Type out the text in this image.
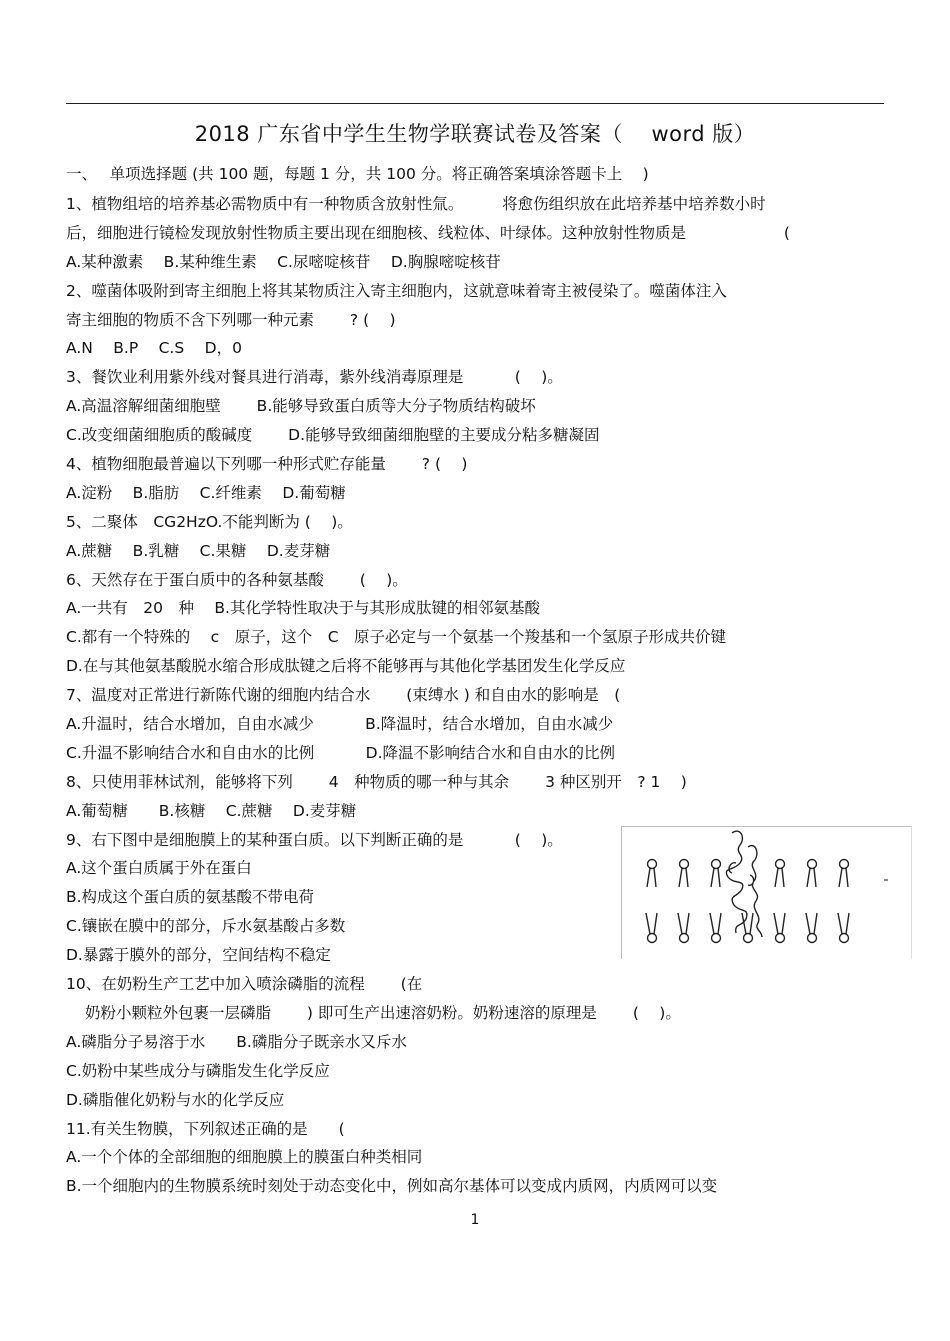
2018 广东省中学生生物学联赛试卷及答案（　 word 版）
一、　 单项选择题 (共 100 题，每题 1 分，共 100 分。将正确答案填涂答题卡上　 )
1、植物组培的培养基必需物质中有一种物质含放射性氚。　　　将愈伤组织放在此培养基中培养数小时
后，细胞进行镜检发现放射性物质主要出现在细胞核、线粒体、叶绿体。这种放射性物质是　　　　　　 (
A.某种激素　 B.某种维生素　 C.尿嘧啶核苷　 D.胸腺嘧啶核苷
2、噬菌体吸附到寄主细胞上将其某物质注入寄主细胞内，这就意味着寄主被侵染了。噬菌体注入
寄主细胞的物质不含下列哪一种元素　　 ? (　 )
A.N　 B.P　 C.S　 D，0
3、餐饮业利用紫外线对餐具进行消毒，紫外线消毒原理是　　　 (　 )。
A.高温溶解细菌细胞壁　　 B.能够导致蛋白质等大分子物质结构破坏
C.改变细菌细胞质的酸碱度　　 D.能够导致细菌细胞壁的主要成分粘多糖凝固
4、植物细胞最普遍以下列哪一种形式贮存能量　　 ? (　 )
A.淀粉　 B.脂肪　 C.纤维素　 D.葡萄糖
5、二聚体　CG2HzO.不能判断为 (　 )。
A.蔗糖　 B.乳糖　 C.果糖　 D.麦芽糖
6、天然存在于蛋白质中的各种氨基酸　　 (　 )。
A.一共有　20　种　 B.其化学特性取决于与其形成肽键的相邻氨基酸
C.都有一个特殊的　 c　原子，这个　C　原子必定与一个氨基一个羧基和一个氢原子形成共价键
D.在与其他氨基酸脱水缩合形成肽键之后将不能够再与其他化学基团发生化学反应
7、温度对正常进行新陈代谢的细胞内结合水　　 (束缚水 ) 和自由水的影响是　(
A.升温时，结合水增加，自由水减少　　　 B.降温时，结合水增加，自由水减少
C.升温不影响结合水和自由水的比例　　　 D.降温不影响结合水和自由水的比例
8、只使用菲林试剂，能够将下列　　 4　种物质的哪一种与其余　　 3 种区别开　? 1　 )
A.葡萄糖　　B.核糖　 C.蔗糖　 D.麦芽糖
9、右下图中是细胞膜上的某种蛋白质。以下判断正确的是　　　 (　 )。
A.这个蛋白质属于外在蛋白
B.构成这个蛋白质的氨基酸不带电荷
C.镶嵌在膜中的部分，斥水氨基酸占多数
D.暴露于膜外的部分，空间结构不稳定
10、在奶粉生产工艺中加入喷涂磷脂的流程　　 (在
奶粉小颗粒外包裹一层磷脂　　 ) 即可生产出速溶奶粉。奶粉速溶的原理是　　 (　 )。
A.磷脂分子易溶于水　　B.磷脂分子既亲水又斥水
C.奶粉中某些成分与磷脂发生化学反应
D.磷脂催化奶粉与水的化学反应
11.有关生物膜，下列叙述正确的是　　(
A.一个个体的全部细胞的细胞膜上的膜蛋白种类相同
B.一个细胞内的生物膜系统时刻处于动态变化中，例如高尔基体可以变成内质网，内质网可以变
1
